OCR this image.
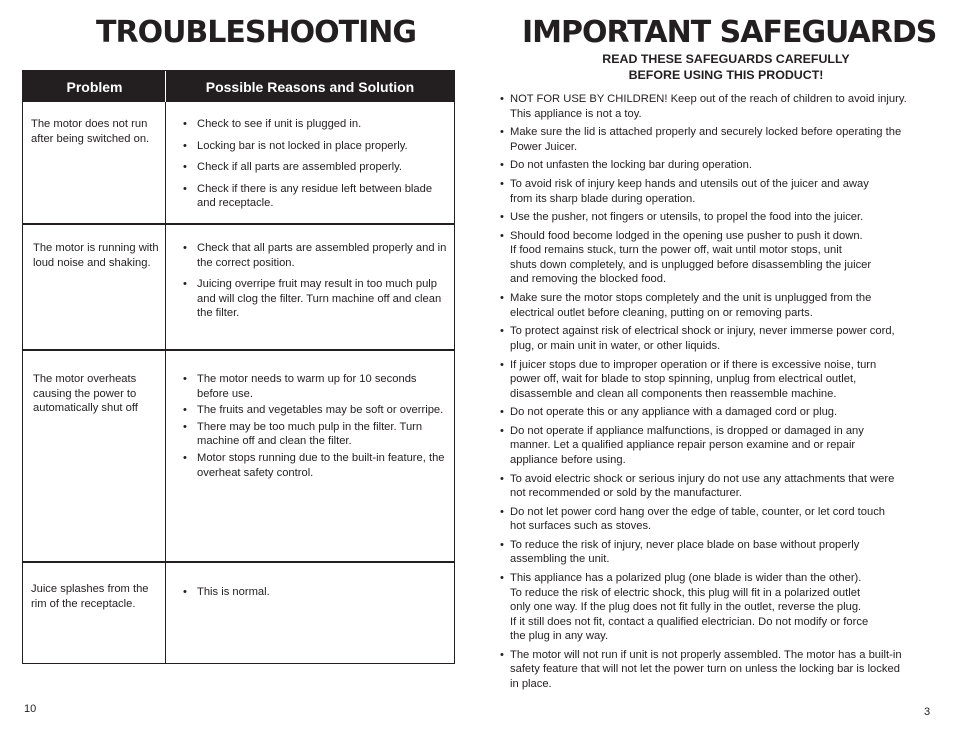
TROUBLESHOOTING
Problem	Possible Reasons and Solution
The motor does not run after being switched on.
• Check to see if unit is plugged in.
• Locking bar is not locked in place properly.
• Check if all parts are assembled properly.
• Check if there is any residue left between blade and receptacle.
The motor is running with loud noise and shaking.
• Check that all parts are assembled properly and in the correct position.
• Juicing overripe fruit may result in too much pulp and will clog the filter. Turn machine off and clean the filter.
The motor overheats causing the power to automatically shut off
• The motor needs to warm up for 10 seconds before use.
• The fruits and vegetables may be soft or overripe.
• There may be too much pulp in the filter. Turn machine off and clean the filter.
• Motor stops running due to the built-in feature, the overheat safety control.
Juice splashes from the rim of the receptacle.
• This is normal.
10
IMPORTANT SAFEGUARDS
READ THESE SAFEGUARDS CAREFULLY
BEFORE USING THIS PRODUCT!
• NOT FOR USE BY CHILDREN! Keep out of the reach of children to avoid injury.
This appliance is not a toy.
• Make sure the lid is attached properly and securely locked before operating the
Power Juicer.
• Do not unfasten the locking bar during operation.
• To avoid risk of injury keep hands and utensils out of the juicer and away
from its sharp blade during operation.
• Use the pusher, not fingers or utensils, to propel the food into the juicer.
• Should food become lodged in the opening use pusher to push it down.
If food remains stuck, turn the power off, wait until motor stops, unit
shuts down completely, and is unplugged before disassembling the juicer
and removing the blocked food.
• Make sure the motor stops completely and the unit is unplugged from the
electrical outlet before cleaning, putting on or removing parts.
• To protect against risk of electrical shock or injury, never immerse power cord,
plug, or main unit in water, or other liquids.
• If juicer stops due to improper operation or if there is excessive noise, turn
power off, wait for blade to stop spinning, unplug from electrical outlet,
disassemble and clean all components then reassemble machine.
• Do not operate this or any appliance with a damaged cord or plug.
• Do not operate if appliance malfunctions, is dropped or damaged in any
manner. Let a qualified appliance repair person examine and or repair
appliance before using.
• To avoid electric shock or serious injury do not use any attachments that were
not recommended or sold by the manufacturer.
• Do not let power cord hang over the edge of table, counter, or let cord touch
hot surfaces such as stoves.
• To reduce the risk of injury, never place blade on base without properly
assembling the unit.
• This appliance has a polarized plug (one blade is wider than the other).
To reduce the risk of electric shock, this plug will fit in a polarized outlet
only one way. If the plug does not fit fully in the outlet, reverse the plug.
If it still does not fit, contact a qualified electrician. Do not modify or force
the plug in any way.
• The motor will not run if unit is not properly assembled. The motor has a built-in
safety feature that will not let the power turn on unless the locking bar is locked
in place.
3
